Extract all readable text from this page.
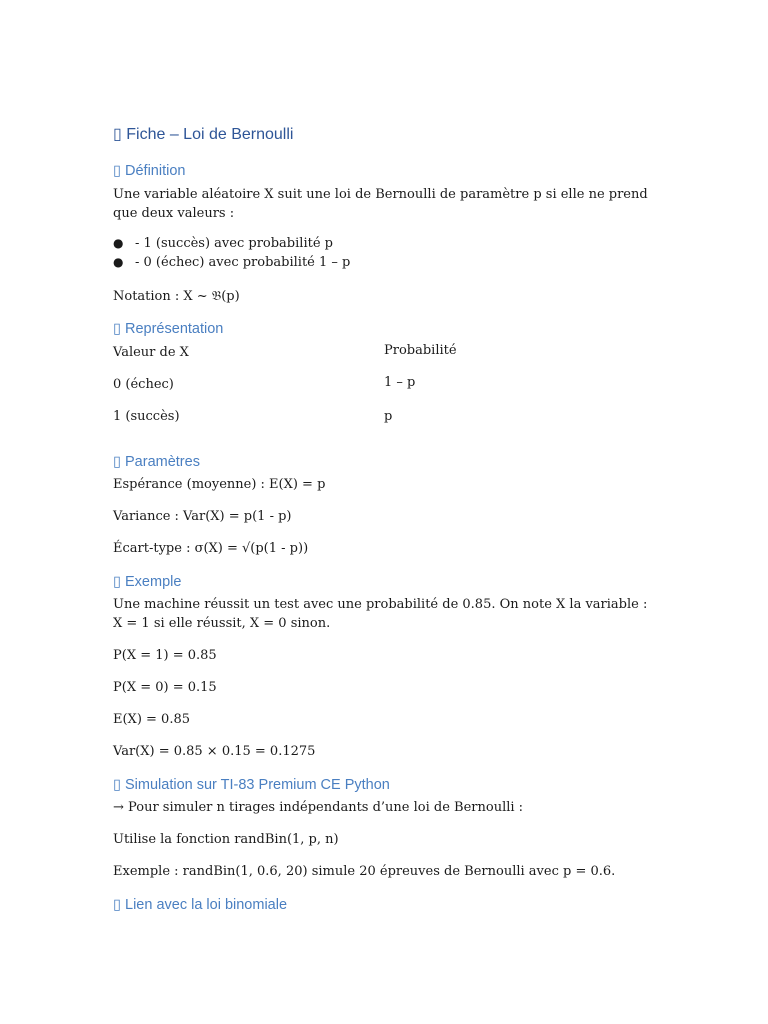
▯ Fiche – Loi de Bernoulli
▯ Définition
Une variable aléatoire X suit une loi de Bernoulli de paramètre p si elle ne prend que deux valeurs :
● - 1 (succès) avec probabilité p
● - 0 (échec) avec probabilité 1 – p
Notation : X ~ 𝔅(p)
▯ Représentation
Valeur de X	Probabilité
0 (échec)	1 – p
1 (succès)	p
▯ Paramètres
Espérance (moyenne) : E(X) = p
Variance : Var(X) = p(1 - p)
Écart-type : σ(X) = √(p(1 - p))
▯ Exemple
Une machine réussit un test avec une probabilité de 0.85. On note X la variable : X = 1 si elle réussit, X = 0 sinon.
P(X = 1) = 0.85
P(X = 0) = 0.15
E(X) = 0.85
Var(X) = 0.85 × 0.15 = 0.1275
▯ Simulation sur TI-83 Premium CE Python
→ Pour simuler n tirages indépendants d’une loi de Bernoulli :
Utilise la fonction randBin(1, p, n)
Exemple : randBin(1, 0.6, 20) simule 20 épreuves de Bernoulli avec p = 0.6.
▯ Lien avec la loi binomiale
